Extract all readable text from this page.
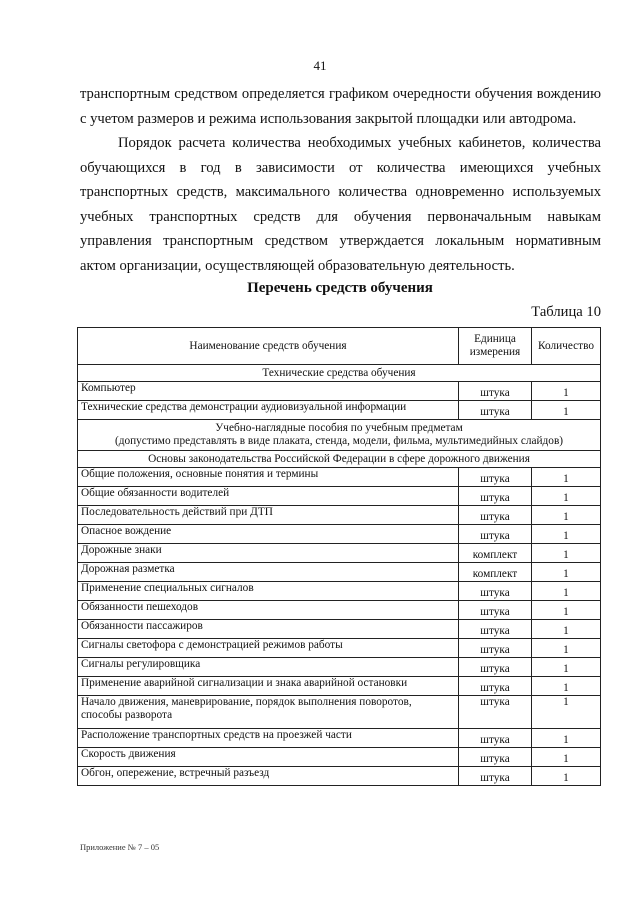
41

транспортным средством определяется графиком очередности обучения вождению с учетом размеров и режима использования закрытой площадки или автодрома.

Порядок расчета количества необходимых учебных кабинетов, количества обучающихся в год в зависимости от количества имеющихся учебных транспортных средств, максимального количества одновременно используемых учебных транспортных средств для обучения первоначальным навыкам управления транспортным средством утверждается локальным нормативным актом организации, осуществляющей образовательную деятельность.

Перечень средств обучения
Таблица 10
Наименование средств обучения	Единица измерения	Количество
Технические средства обучения		
Компьютер	штука	1
Технические средства демонстрации аудиовизуальной информации	штука	1

Учебно-наглядные пособия по учебным предметам
(допустимо представлять в виде плаката, стенда, модели, фильма, мультимедийных слайдов)		

Основы законодательства Российской Федерации в сфере дорожного движения		
Общие положения, основные понятия и термины	штука	1
Общие обязанности водителей	штука	1
Последовательность действий при ДТП	штука	1
Опасное вождение	штука	1
Дорожные знаки	комплект	1
Дорожная разметка	комплект	1
Применение специальных сигналов	штука	1
Обязанности пешеходов	штука	1
Обязанности пассажиров	штука	1
Сигналы светофора с демонстрацией режимов работы	штука	1
Сигналы регулировщика	штука	1
Применение аварийной сигнализации и знака аварийной остановки	штука	1
Начало движения, маневрирование, порядок выполнения поворотов, способы разворота	штука	1
Расположение транспортных средств на проезжей части	штука	1
Скорость движения	штука	1
Обгон, опережение, встречный разъезд	штука	1
Приложение № 7 – 05
